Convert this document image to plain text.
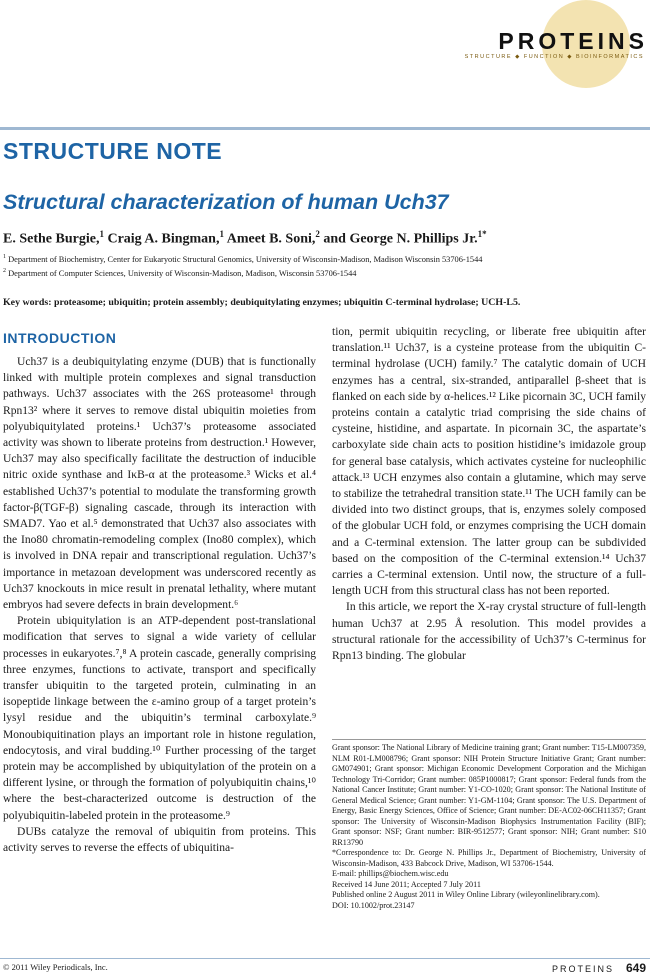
PROTEINS
STRUCTURE ◆ FUNCTION ◆ BIOINFORMATICS
STRUCTURE NOTE
Structural characterization of human Uch37
E. Sethe Burgie,$^1$ Craig A. Bingman,$^1$ Ameet B. Soni,$^2$ and George N. Phillips Jr.$^{1*}$
$^1$ Department of Biochemistry, Center for Eukaryotic Structural Genomics, University of Wisconsin-Madison, Madison Wisconsin 53706-1544
$^2$ Department of Computer Sciences, University of Wisconsin-Madison, Madison, Wisconsin 53706-1544
Key words: proteasome; ubiquitin; protein assembly; deubiquitylating enzymes; ubiquitin C-terminal hydrolase; UCH-L5.
INTRODUCTION

Uch37 is a deubiquitylating enzyme (DUB) that is functionally linked with multiple protein complexes and signal transduction pathways. Uch37 associates with the 26S proteasome¹ through Rpn13² where it serves to remove distal ubiquitin moieties from polyubiquitylated proteins.¹ Uch37’s proteasome associated activity was shown to liberate proteins from destruction.¹ However, Uch37 may also specifically facilitate the destruction of inducible nitric oxide synthase and IκB-α at the proteasome.³ Wicks et al.⁴ established Uch37’s potential to modulate the transforming growth factor-β(TGF-β) signaling cascade, through its interaction with SMAD7. Yao et al.⁵ demonstrated that Uch37 also associates with the Ino80 chromatin-remodeling complex (Ino80 complex), which is involved in DNA repair and transcriptional regulation. Uch37’s importance in metazoan development was underscored recently as Uch37 knockouts in mice result in prenatal lethality, where mutant embryos had severe defects in brain development.⁶

Protein ubiquitylation is an ATP-dependent post-translational modification that serves to signal a wide variety of cellular processes in eukaryotes.⁷,⁸ A protein cascade, generally comprising three enzymes, functions to activate, transport and specifically transfer ubiquitin to the targeted protein, culminating in an isopeptide linkage between the ε-amino group of a target protein’s lysyl residue and the ubiquitin’s terminal carboxylate.⁹ Monoubiquitination plays an important role in histone regulation, endocytosis, and viral budding.¹⁰ Further processing of the target protein may be accomplished by ubiquitylation of the protein on a different lysine, or through the formation of polyubiquitin chains,¹⁰ where the best-characterized outcome is destruction of the polyubiquitin-labeled protein in the proteasome.⁹

DUBs catalyze the removal of ubiquitin from proteins. This activity serves to reverse the effects of ubiquitina-

tion, permit ubiquitin recycling, or liberate free ubiquitin after translation.¹¹ Uch37, is a cysteine protease from the ubiquitin C-terminal hydrolase (UCH) family.⁷ The catalytic domain of UCH enzymes has a central, six-stranded, antiparallel β-sheet that is flanked on each side by α-helices.¹² Like picornain 3C, UCH family proteins contain a catalytic triad comprising the side chains of cysteine, histidine, and aspartate. In picornain 3C, the aspartate’s carboxylate side chain acts to position histidine’s imidazole group for general base catalysis, which activates cysteine for nucleophilic attack.¹³ UCH enzymes also contain a glutamine, which may serve to stabilize the tetrahedral transition state.¹¹ The UCH family can be divided into two distinct groups, that is, enzymes solely composed of the globular UCH fold, or enzymes comprising the UCH domain and a C-terminal extension. The latter group can be subdivided based on the composition of the C-terminal extension.¹⁴ Uch37 carries a C-terminal extension. Until now, the structure of a full-length UCH from this structural class has not been reported.

In this article, we report the X-ray crystal structure of full-length human Uch37 at 2.95 Å resolution. This model provides a structural rationale for the accessibility of Uch37’s C-terminus for Rpn13 binding. The globular

Grant sponsor: The National Library of Medicine training grant; Grant number: T15-LM007359, NLM R01-LM008796; Grant sponsor: NIH Protein Structure Initiative Grant; Grant number: GM074901; Grant sponsor: Michigan Economic Development Corporation and the Michigan Technology Tri-Corridor; Grant number: 085P1000817; Grant sponsor: Federal funds from the National Cancer Institute; Grant number: Y1-CO-1020; Grant sponsor: The National Institute of General Medical Science; Grant number: Y1-GM-1104; Grant sponsor: The U.S. Department of Energy, Basic Energy Sciences, Office of Science; Grant number: DE-AC02-06CH11357; Grant sponsor: The University of Wisconsin-Madison Biophysics Instrumentation Facility (BIF); Grant sponsor: NSF; Grant number: BIR-9512577; Grant sponsor: NIH; Grant number: S10 RR13790

*Correspondence to: Dr. George N. Phillips Jr., Department of Biochemistry, University of Wisconsin-Madison, 433 Babcock Drive, Madison, WI 53706-1544.

E-mail: phillips@biochem.wisc.edu

Received 14 June 2011; Accepted 7 July 2011

Published online 2 August 2011 in Wiley Online Library (wileyonlinelibrary.com).

DOI: 10.1002/prot.23147

© 2011 Wiley Periodicals, Inc.	PROTEINS 649
